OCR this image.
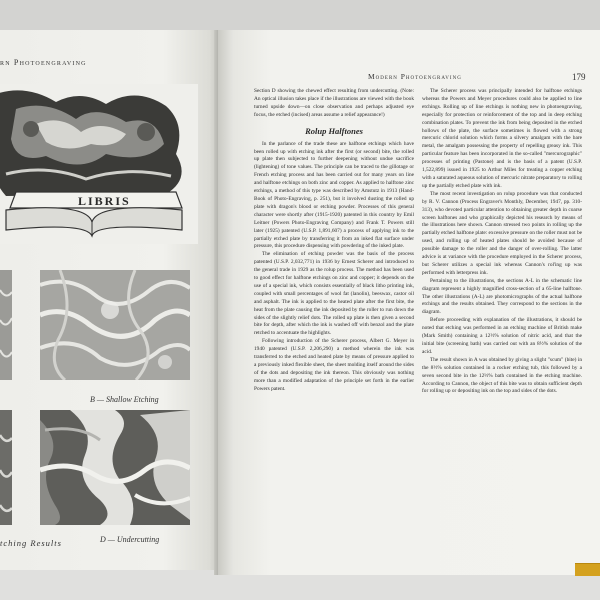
rn Photoengraving
LIBRIS
B — Shallow Etching
D — Undercutting
tching Results
Modern Photoengraving	179

Section D showing the chewed effect resulting from undercutting. (Note: An optical illusion takes place if the illustrations are viewed with the book turned upside down—on close observation and perhaps adjusted eye focus, the etched (incised) areas assume a relief appearance!)

Rolup Halftones

In the parlance of the trade these are halftone etchings which have been rolled up with etching ink after the first (or second) bite, the rolled up plate then subjected to further deepening without undue sacrifice (lightening) of tone values. The principle can be traced to the gillotage or French etching process and has been carried out for many years on line and halftone etchings on both zinc and copper. As applied to halftone zinc etchings, a method of this type was described by Amstutz in 1913 (Hand-Book of Photo-Engraving, p. 251), but it involved dusting the rolled up plate with dragon's blood or etching powder. Processes of this general character were shortly after (1915-1920) patented in this country by Emil Leitner (Powers Photo-Engraving Company) and Frank T. Powers still later (1925) patented (U.S.P. 1,891,607) a process of applying ink to the partially etched plate by transferring it from an inked flat surface under pressure, this procedure dispensing with powdering of the inked plate.

The elimination of etching powder was the basis of the process patented (U.S.P. 2,032,771) in 1936 by Ernest Scherer and introduced to the general trade in 1929 as the rolup process. The method has been used to good effect for halftone etchings on zinc and copper; it depends on the use of a special ink, which consists essentially of black litho printing ink, coupled with small percentages of wool fat (lanolin), beeswax, castor oil and asphalt. The ink is applied to the heated plate after the first bite, the heat from the plate causing the ink deposited by the roller to run down the sides of the slightly relief dots. The rolled up plate is then given a second bite for depth, after which the ink is washed off with benzol and the plate retched to accentuate the highlights.

Following introduction of the Scherer process, Albert G. Meyer in 1940 patented (U.S.P. 2,206,290) a method wherein the ink was transferred to the etched and heated plate by means of pressure applied to a previously inked flexible sheet, the sheet molding itself around the sides of the dots and depositing the ink thereon. This obviously was nothing more than a modified adaptation of the principle set forth in the earlier Powers patent.

The Scherer process was principally intended for halftone etchings whereas the Powers and Meyer procedures could also be applied to line etchings. Rolling up of line etchings is nothing new in photoengraving, especially for protection or reinforcement of the top and in deep etching combination plates. To prevent the ink from being deposited in the etched hollows of the plate, the surface sometimes is flowed with a strong mercuric chlorid solution which forms a silvery amalgam with the bare metal, the amalgam possessing the property of repelling greasy ink. This particular feature has been incorporated in the so-called "mercurographic" processes of printing (Pastone) and is the basis of a patent (U.S.P. 1,522,899) issued in 1925 to Arthur Miles for treating a copper etching with a saturated aqueous solution of mercuric nitrate preparatory to rolling up the partially etched plate with ink.

The most recent investigation on rolup procedure was that conducted by R. V. Cannon (Process Engraver's Monthly, December, 1947, pp. 310-313), who devoted particular attention to obtaining greater depth in coarse screen halftones and who graphically depicted his research by means of the illustrations here shown. Cannon stressed two points in rolling up the partially etched halftone plate: excessive pressure on the roller must not be used, and rolling up of heated plates should be avoided because of possible damage to the roller and the danger of over-rolling. The latter advice is at variance with the procedure employed in the Scherer process, but Scherer utilizes a special ink whereas Cannon's rol'ing up was performed with letterpress ink.

Pertaining to the illustrations, the sections A-L in the schematic line diagram represent a highly magnified cross-section of a 65-line halftone. The other illustrations (A-L) are photomicrographs of the actual halftone etchings and the results obtained. They correspond to the sections in the diagram.

Before proceeding with explanation of the illustrations, it should be noted that etching was performed in an etching machine of British make (Mark Smith) containing a 12½% solution of nitric acid, and that the initial bite (screening bath) was carried out with an 8½% solution of the acid.

The result shown in A was obtained by giving a slight "scum" (bite) in the 8½% solution contained in a rocker etching tub, this followed by a seven second bite in the 12½% bath contained in the etching machine. According to Cannon, the object of this bite was to obtain sufficient depth for rolling up or depositing ink on the top and sides of the dots.
